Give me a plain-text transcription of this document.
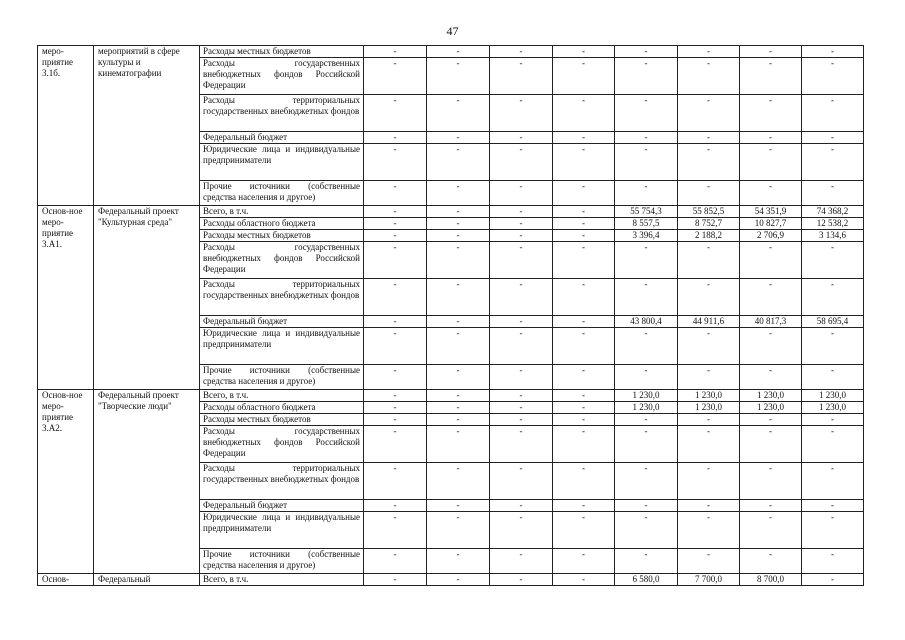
47
меро-приятие 3.1б.	мероприятий в сфере культуры и кинематографии	Расходы местных бюджетов	-	-	-	-	-	-	-	-
		Расходы государственных внебюджетных фондов Российской Федерации	-	-	-	-	-	-	-	-
		Расходы территориальных государственных внебюджетных фондов	-	-	-	-	-	-	-	-
		Федеральный бюджет	-	-	-	-	-	-	-	-
		Юридические лица и индивидуальные предприниматели	-	-	-	-	-	-	-	-
		Прочие источники (собственные средства населения и другое)	-	-	-	-	-	-	-	-
Основ-ное меро-приятие 3.А1.	Федеральный проект "Культурная среда"	Всего, в т.ч.	-	-	-	-	55 754,3	55 852,5	54 351,9	74 368,2
		Расходы областного бюджета	-	-	-	-	8 557,5	8 752,7	10 827,7	12 538,2
		Расходы местных бюджетов	-	-	-	-	3 396,4	2 188,2	2 706,9	3 134,6
		Расходы государственных внебюджетных фондов Российской Федерации	-	-	-	-	-	-	-	-
		Расходы территориальных государственных внебюджетных фондов	-	-	-	-	-	-	-	-
		Федеральный бюджет	-	-	-	-	43 800,4	44 911,6	40 817,3	58 695,4
		Юридические лица и индивидуальные предприниматели	-	-	-	-	-	-	-	-
		Прочие источники (собственные средства населения и другое)	-	-	-	-	-	-	-	-
Основ-ное меро-приятие 3.А2.	Федеральный проект "Творческие люди"	Всего, в т.ч.	-	-	-	-	1 230,0	1 230,0	1 230,0	1 230,0
		Расходы областного бюджета	-	-	-	-	1 230,0	1 230,0	1 230,0	1 230,0
		Расходы местных бюджетов	-	-	-	-	-	-	-	-
		Расходы государственных внебюджетных фондов Российской Федерации	-	-	-	-	-	-	-	-
		Расходы территориальных государственных внебюджетных фондов	-	-	-	-	-	-	-	-
		Федеральный бюджет	-	-	-	-	-	-	-	-
		Юридические лица и индивидуальные предприниматели	-	-	-	-	-	-	-	-
		Прочие источники (собственные средства населения и другое)	-	-	-	-	-	-	-	-
Основ-	Федеральный	Всего, в т.ч.	-	-	-	-	6 580,0	7 700,0	8 700,0	-
